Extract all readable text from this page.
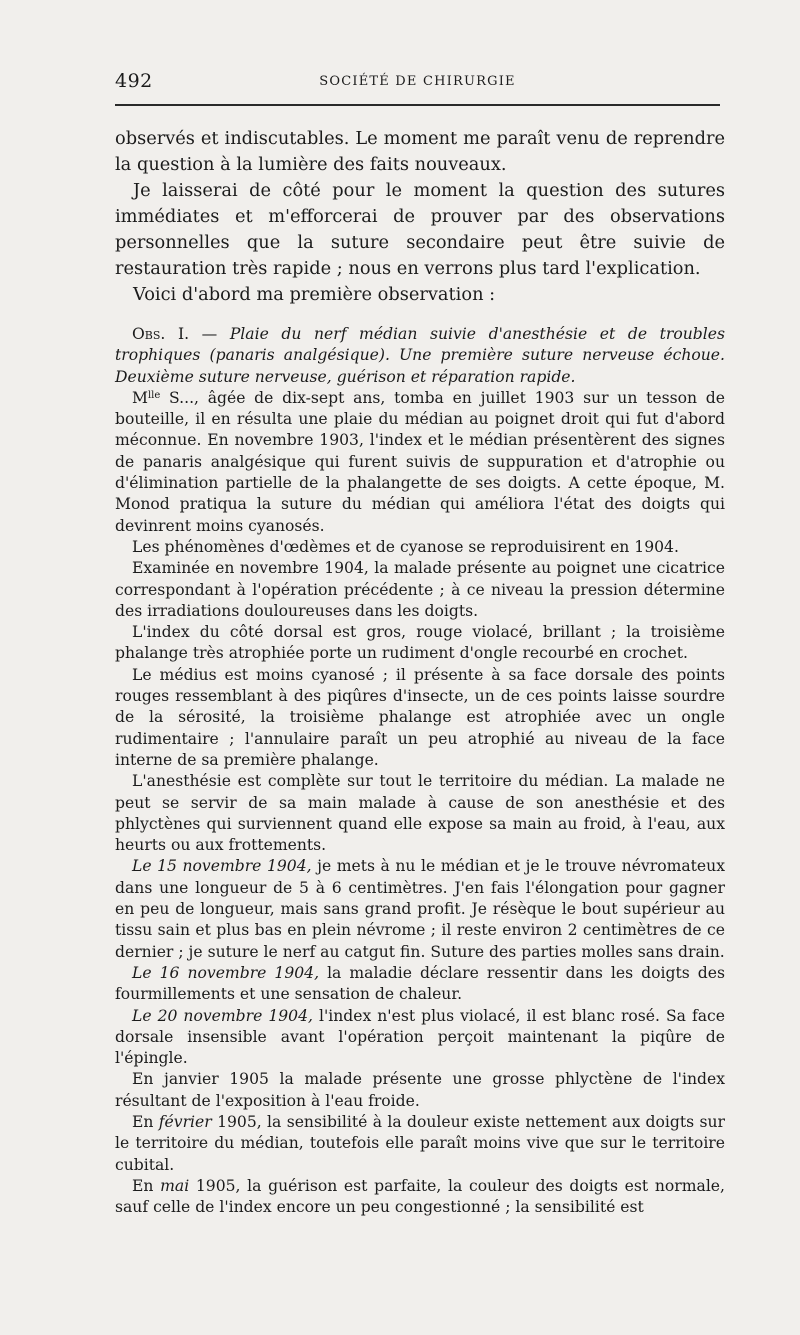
492	SOCIÉTÉ DE CHIRURGIE

observés et indiscutables. Le moment me paraît venu de reprendre la question à la lumière des faits nouveaux.

Je laisserai de côté pour le moment la question des sutures immédiates et m'efforcerai de prouver par des observations personnelles que la suture secondaire peut être suivie de restauration très rapide ; nous en verrons plus tard l'explication.

Voici d'abord ma première observation :

Obs. I. — Plaie du nerf médian suivie d'anesthésie et de troubles trophiques (panaris analgésique). Une première suture nerveuse échoue. Deuxième suture nerveuse, guérison et réparation rapide.

$M^{lle}$ S..., âgée de dix-sept ans, tomba en juillet 1903 sur un tesson de bouteille, il en résulta une plaie du médian au poignet droit qui fut d'abord méconnue. En novembre 1903, l'index et le médian présentèrent des signes de panaris analgésique qui furent suivis de suppuration et d'atrophie ou d'élimination partielle de la phalangette de ses doigts. A cette époque, M. Monod pratiqua la suture du médian qui améliora l'état des doigts qui devinrent moins cyanosés.

Les phénomènes d'œdèmes et de cyanose se reproduisirent en 1904.

Examinée en novembre 1904, la malade présente au poignet une cicatrice correspondant à l'opération précédente ; à ce niveau la pression détermine des irradiations douloureuses dans les doigts.

L'index du côté dorsal est gros, rouge violacé, brillant ; la troisième phalange très atrophiée porte un rudiment d'ongle recourbé en crochet.

Le médius est moins cyanosé ; il présente à sa face dorsale des points rouges ressemblant à des piqûres d'insecte, un de ces points laisse sourdre de la sérosité, la troisième phalange est atrophiée avec un ongle rudimentaire ; l'annulaire paraît un peu atrophié au niveau de la face interne de sa première phalange.

L'anesthésie est complète sur tout le territoire du médian. La malade ne peut se servir de sa main malade à cause de son anesthésie et des phlyctènes qui surviennent quand elle expose sa main au froid, à l'eau, aux heurts ou aux frottements.

Le 15 novembre 1904, je mets à nu le médian et je le trouve névromateux dans une longueur de 5 à 6 centimètres. J'en fais l'élongation pour gagner en peu de longueur, mais sans grand profit. Je résèque le bout supérieur au tissu sain et plus bas en plein névrome ; il reste environ 2 centimètres de ce dernier ; je suture le nerf au catgut fin. Suture des parties molles sans drain.

Le 16 novembre 1904, la maladie déclare ressentir dans les doigts des fourmillements et une sensation de chaleur.

Le 20 novembre 1904, l'index n'est plus violacé, il est blanc rosé. Sa face dorsale insensible avant l'opération perçoit maintenant la piqûre de l'épingle.

En janvier 1905 la malade présente une grosse phlyctène de l'index résultant de l'exposition à l'eau froide.

En février 1905, la sensibilité à la douleur existe nettement aux doigts sur le territoire du médian, toutefois elle paraît moins vive que sur le territoire cubital.

En mai 1905, la guérison est parfaite, la couleur des doigts est normale, sauf celle de l'index encore un peu congestionné ; la sensibilité est
